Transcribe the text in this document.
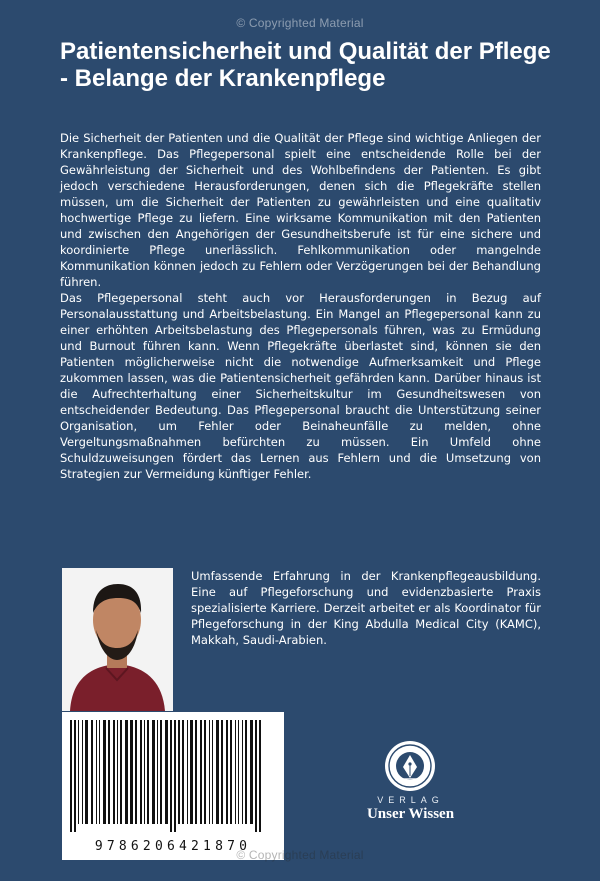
© Copyrighted Material
Patientensicherheit und Qualität der Pflege - Belange der Krankenpflege

Die Sicherheit der Patienten und die Qualität der Pflege sind wichtige Anliegen der Krankenpflege. Das Pflegepersonal spielt eine entscheidende Rolle bei der Gewährleistung der Sicherheit und des Wohlbefindens der Patienten. Es gibt jedoch verschiedene Herausforderungen, denen sich die Pflegekräfte stellen müssen, um die Sicherheit der Patienten zu gewährleisten und eine qualitativ hochwertige Pflege zu liefern. Eine wirksame Kommunikation mit den Patienten und zwischen den Angehörigen der Gesundheitsberufe ist für eine sichere und koordinierte Pflege unerlässlich. Fehlkommunikation oder mangelnde Kommunikation können jedoch zu Fehlern oder Verzögerungen bei der Behandlung führen.

Das Pflegepersonal steht auch vor Herausforderungen in Bezug auf Personalausstattung und Arbeitsbelastung. Ein Mangel an Pflegepersonal kann zu einer erhöhten Arbeitsbelastung des Pflegepersonals führen, was zu Ermüdung und Burnout führen kann. Wenn Pflegekräfte überlastet sind, können sie den Patienten möglicherweise nicht die notwendige Aufmerksamkeit und Pflege zukommen lassen, was die Patientensicherheit gefährden kann. Darüber hinaus ist die Aufrechterhaltung einer Sicherheitskultur im Gesundheitswesen von entscheidender Bedeutung. Das Pflegepersonal braucht die Unterstützung seiner Organisation, um Fehler oder Beinaheunfälle zu melden, ohne Vergeltungsmaßnahmen befürchten zu müssen. Ein Umfeld ohne Schuldzuweisungen fördert das Lernen aus Fehlern und die Umsetzung von Strategien zur Vermeidung künftiger Fehler.

Umfassende Erfahrung in der Krankenpflegeausbildung. Eine auf Pflegeforschung und evidenzbasierte Praxis spezialisierte Karriere. Derzeit arbeitet er als Koordinator für Pflegeforschung in der King Abdulla Medical City (KAMC), Makkah, Saudi-Arabien.

9786206421870
VERLAG
Unser Wissen
© Copyrighted Material
